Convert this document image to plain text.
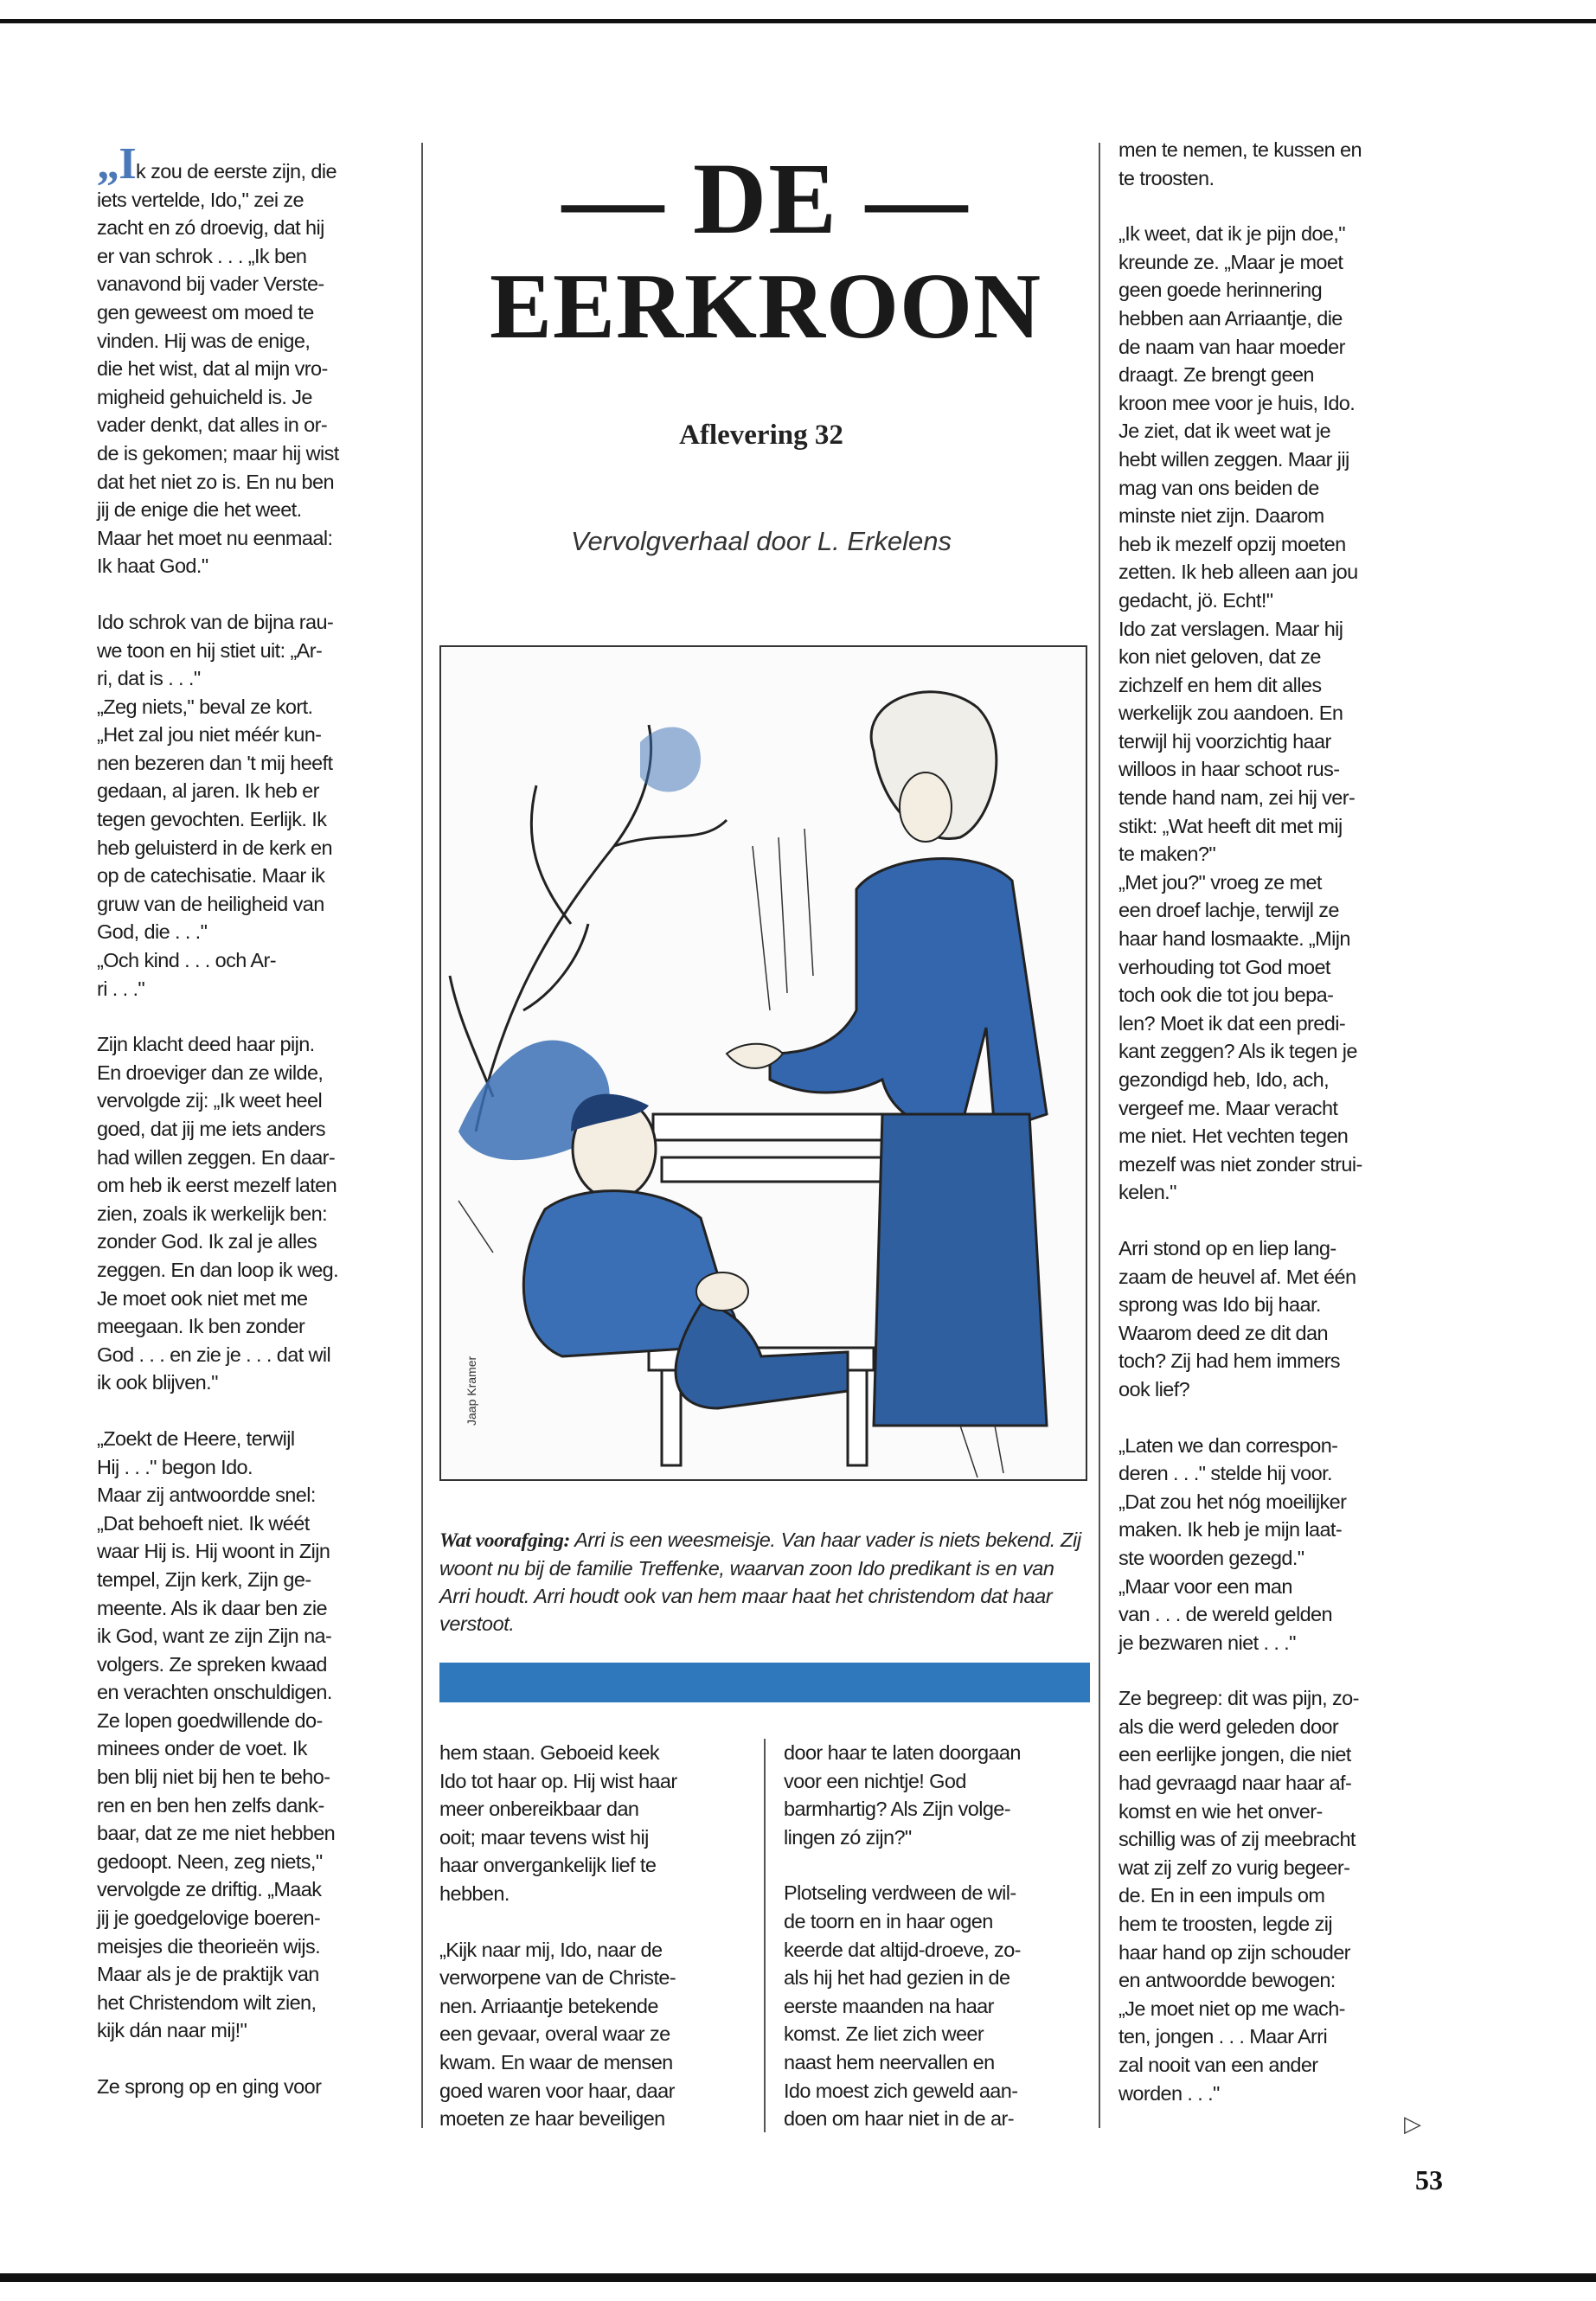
„Ik zou de eerste zijn, die
iets vertelde, Ido," zei ze
zacht en zó droevig, dat hij
er van schrok . . . „Ik ben
vanavond bij vader Verste-
gen geweest om moed te
vinden. Hij was de enige,
die het wist, dat al mijn vro-
migheid gehuicheld is. Je
vader denkt, dat alles in or-
de is gekomen; maar hij wist
dat het niet zo is. En nu ben
jij de enige die het weet.
Maar het moet nu eenmaal:
Ik haat God."

Ido schrok van de bijna rau-
we toon en hij stiet uit: „Ar-
ri, dat is . . ."
„Zeg niets," beval ze kort.
„Het zal jou niet méér kun-
nen bezeren dan 't mij heeft
gedaan, al jaren. Ik heb er
tegen gevochten. Eerlijk. Ik
heb geluisterd in de kerk en
op de catechisatie. Maar ik
gruw van de heiligheid van
God, die . . ."
„Och kind . . . och Ar-
ri . . ."

Zijn klacht deed haar pijn.
En droeviger dan ze wilde,
vervolgde zij: „Ik weet heel
goed, dat jij me iets anders
had willen zeggen. En daar-
om heb ik eerst mezelf laten
zien, zoals ik werkelijk ben:
zonder God. Ik zal je alles
zeggen. En dan loop ik weg.
Je moet ook niet met me
meegaan. Ik ben zonder
God . . . en zie je . . . dat wil
ik ook blijven."

„Zoekt de Heere, terwijl
Hij . . ." begon Ido.
Maar zij antwoordde snel:
„Dat behoeft niet. Ik wéét
waar Hij is. Hij woont in Zijn
tempel, Zijn kerk, Zijn ge-
meente. Als ik daar ben zie
ik God, want ze zijn Zijn na-
volgers. Ze spreken kwaad
en verachten onschuldigen.
Ze lopen goedwillende do-
minees onder de voet. Ik
ben blij niet bij hen te beho-
ren en ben hen zelfs dank-
baar, dat ze me niet hebben
gedoopt. Neen, zeg niets,"
vervolgde ze driftig. „Maak
jij je goedgelovige boeren-
meisjes die theorieën wijs.
Maar als je de praktijk van
het Christendom wilt zien,
kijk dán naar mij!"

Ze sprong op en ging voor

— DE —
EERKROON
Aflevering 32
Vervolgverhaal door L. Erkelens
Jaap Kramer
Wat voorafging: Arri is een weesmeisje. Van haar vader is niets bekend. Zij woont nu bij de familie Treffenke, waarvan zoon Ido predikant is en van Arri houdt. Arri houdt ook van hem maar haat het christendom dat haar verstoot.

hem staan. Geboeid keek
Ido tot haar op. Hij wist haar
meer onbereikbaar dan
ooit; maar tevens wist hij
haar onvergankelijk lief te
hebben.

„Kijk naar mij, Ido, naar de
verworpene van de Christe-
nen. Arriaantje betekende
een gevaar, overal waar ze
kwam. En waar de mensen
goed waren voor haar, daar
moeten ze haar beveiligen

door haar te laten doorgaan
voor een nichtje! God
barmhartig? Als Zijn volge-
lingen zó zijn?"

Plotseling verdween de wil-
de toorn en in haar ogen
keerde dat altijd-droeve, zo-
als hij het had gezien in de
eerste maanden na haar
komst. Ze liet zich weer
naast hem neervallen en
Ido moest zich geweld aan-
doen om haar niet in de ar-

men te nemen, te kussen en
te troosten.

„Ik weet, dat ik je pijn doe,"
kreunde ze. „Maar je moet
geen goede herinnering
hebben aan Arriaantje, die
de naam van haar moeder
draagt. Ze brengt geen
kroon mee voor je huis, Ido.
Je ziet, dat ik weet wat je
hebt willen zeggen. Maar jij
mag van ons beiden de
minste niet zijn. Daarom
heb ik mezelf opzij moeten
zetten. Ik heb alleen aan jou
gedacht, jö. Echt!"
Ido zat verslagen. Maar hij
kon niet geloven, dat ze
zichzelf en hem dit alles
werkelijk zou aandoen. En
terwijl hij voorzichtig haar
willoos in haar schoot rus-
tende hand nam, zei hij ver-
stikt: „Wat heeft dit met mij
te maken?"
„Met jou?" vroeg ze met
een droef lachje, terwijl ze
haar hand losmaakte. „Mijn
verhouding tot God moet
toch ook die tot jou bepa-
len? Moet ik dat een predi-
kant zeggen? Als ik tegen je
gezondigd heb, Ido, ach,
vergeef me. Maar veracht
me niet. Het vechten tegen
mezelf was niet zonder strui-
kelen."

Arri stond op en liep lang-
zaam de heuvel af. Met één
sprong was Ido bij haar.
Waarom deed ze dit dan
toch? Zij had hem immers
ook lief?

„Laten we dan correspon-
deren . . ." stelde hij voor.
„Dat zou het nóg moeilijker
maken. Ik heb je mijn laat-
ste woorden gezegd."
„Maar voor een man
van . . . de wereld gelden
je bezwaren niet . . ."

Ze begreep: dit was pijn, zo-
als die werd geleden door
een eerlijke jongen, die niet
had gevraagd naar haar af-
komst en wie het onver-
schillig was of zij meebracht
wat zij zelf zo vurig begeer-
de. En in een impuls om
hem te troosten, legde zij
haar hand op zijn schouder
en antwoordde bewogen:
„Je moet niet op me wach-
ten, jongen . . . Maar Arri
zal nooit van een ander
worden . . ."

▷
53
